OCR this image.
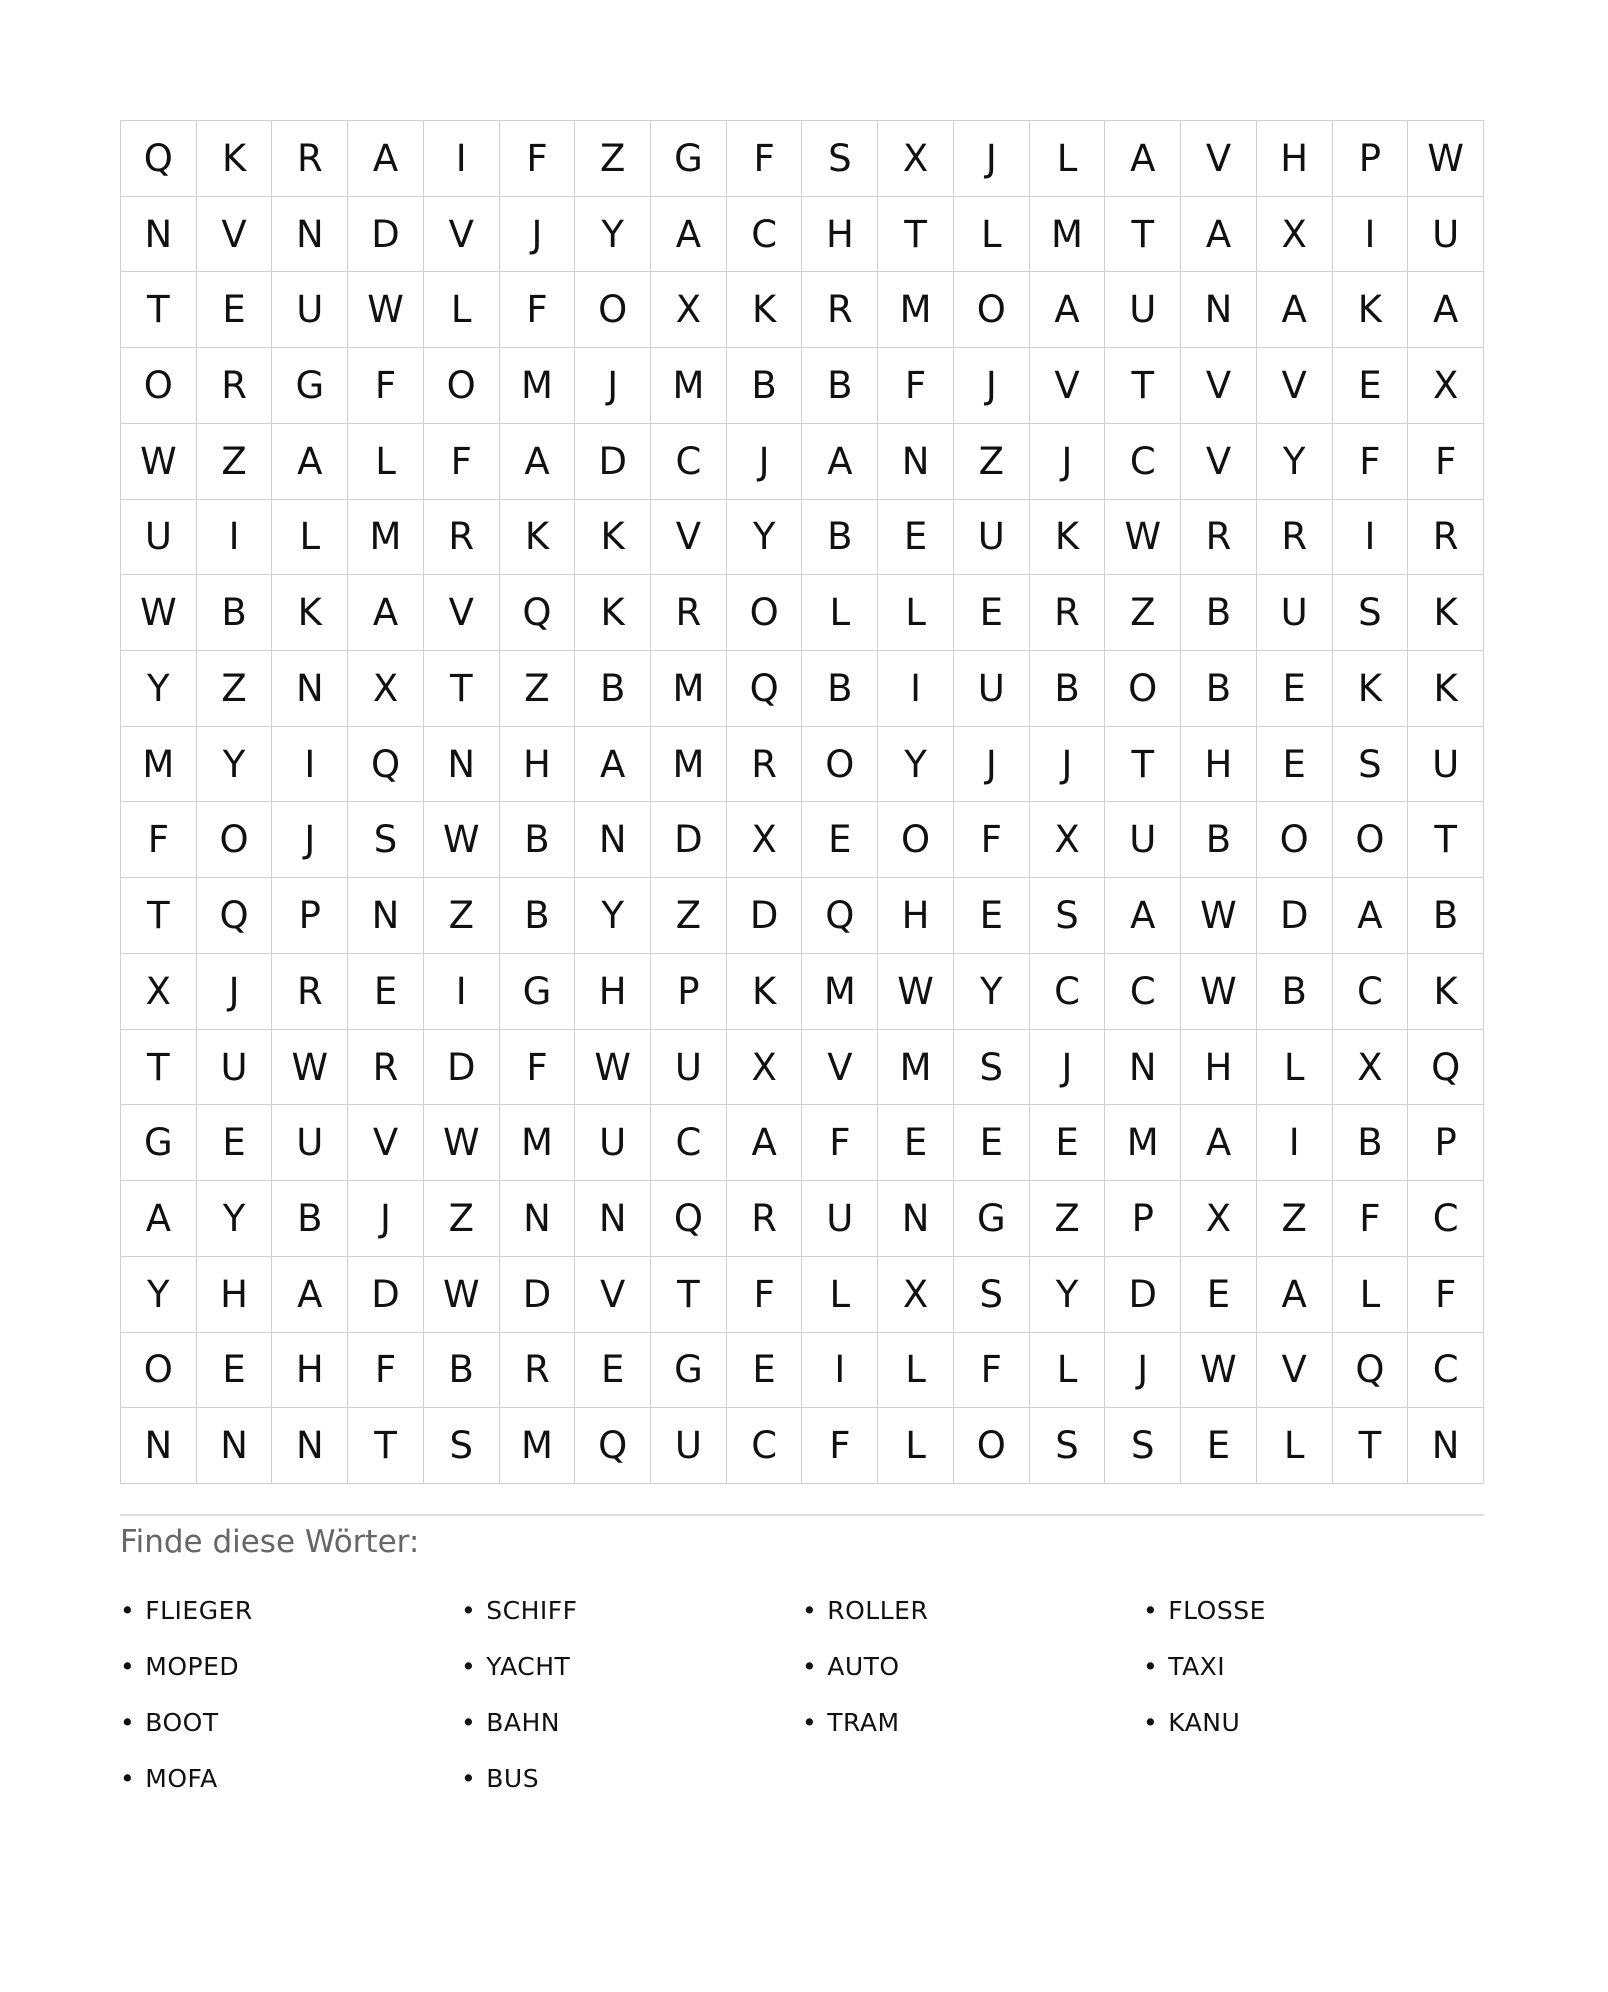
Q	K	R	A	I	F	Z	G	F	S	X	J	L	A	V	H	P	W
N	V	N	D	V	J	Y	A	C	H	T	L	M	T	A	X	I	U
T	E	U	W	L	F	O	X	K	R	M	O	A	U	N	A	K	A
O	R	G	F	O	M	J	M	B	B	F	J	V	T	V	V	E	X
W	Z	A	L	F	A	D	C	J	A	N	Z	J	C	V	Y	F	F
U	I	L	M	R	K	K	V	Y	B	E	U	K	W	R	R	I	R
W	B	K	A	V	Q	K	R	O	L	L	E	R	Z	B	U	S	K
Y	Z	N	X	T	Z	B	M	Q	B	I	U	B	O	B	E	K	K
M	Y	I	Q	N	H	A	M	R	O	Y	J	J	T	H	E	S	U
F	O	J	S	W	B	N	D	X	E	O	F	X	U	B	O	O	T
T	Q	P	N	Z	B	Y	Z	D	Q	H	E	S	A	W	D	A	B
X	J	R	E	I	G	H	P	K	M	W	Y	C	C	W	B	C	K
T	U	W	R	D	F	W	U	X	V	M	S	J	N	H	L	X	Q
G	E	U	V	W	M	U	C	A	F	E	E	E	M	A	I	B	P
A	Y	B	J	Z	N	N	Q	R	U	N	G	Z	P	X	Z	F	C
Y	H	A	D	W	D	V	T	F	L	X	S	Y	D	E	A	L	F
O	E	H	F	B	R	E	G	E	I	L	F	L	J	W	V	Q	C
N	N	N	T	S	M	Q	U	C	F	L	O	S	S	E	L	T	N
Finde diese Wörter:
• FLIEGER	• SCHIFF	• ROLLER	• FLOSSE
• MOPED	• YACHT	• AUTO	• TAXI
• BOOT	• BAHN	• TRAM	• KANU
• MOFA	• BUS
